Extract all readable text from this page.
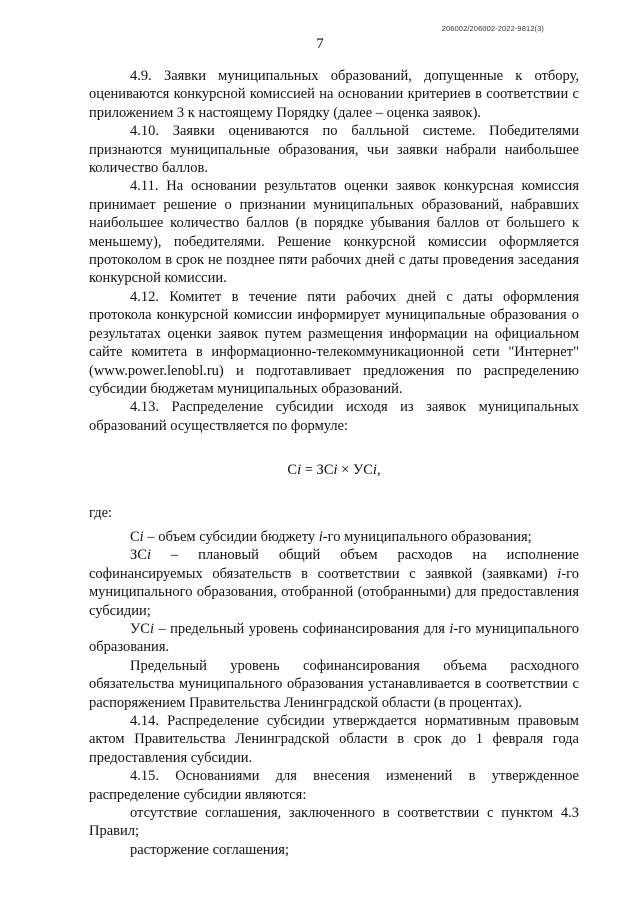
206002/206002-2022-9812(3)
7

4.9. Заявки муниципальных образований, допущенные к отбору, оцениваются конкурсной комиссией на основании критериев в соответствии с приложением 3 к настоящему Порядку (далее – оценка заявок).

4.10. Заявки оцениваются по балльной системе. Победителями признаются муниципальные образования, чьи заявки набрали наибольшее количество баллов.

4.11. На основании результатов оценки заявок конкурсная комиссия принимает решение о признании муниципальных образований, набравших наибольшее количество баллов (в порядке убывания баллов от большего к меньшему), победителями. Решение конкурсной комиссии оформляется протоколом в срок не позднее пяти рабочих дней с даты проведения заседания конкурсной комиссии.

4.12. Комитет в течение пяти рабочих дней с даты оформления протокола конкурсной комиссии информирует муниципальные образования о результатах оценки заявок путем размещения информации на официальном сайте комитета в информационно-телекоммуникационной сети "Интернет" (www.power.lenobl.ru) и подготавливает предложения по распределению субсидии бюджетам муниципальных образований.

4.13. Распределение субсидии исходя из заявок муниципальных образований осуществляется по формуле:

Сi = ЗСi × УСi,

где:

Сi – объем субсидии бюджету i-го муниципального образования;

ЗСi – плановый общий объем расходов на исполнение софинансируемых обязательств в соответствии с заявкой (заявками) i-го муниципального образования, отобранной (отобранными) для предоставления субсидии;

УСi – предельный уровень софинансирования для i-го муниципального образования.

Предельный уровень софинансирования объема расходного обязательства муниципального образования устанавливается в соответствии с распоряжением Правительства Ленинградской области (в процентах).

4.14. Распределение субсидии утверждается нормативным правовым актом Правительства Ленинградской области в срок до 1 февраля года предоставления субсидии.

4.15. Основаниями для внесения изменений в утвержденное распределение субсидии являются:

отсутствие соглашения, заключенного в соответствии с пунктом 4.3 Правил;

расторжение соглашения;
